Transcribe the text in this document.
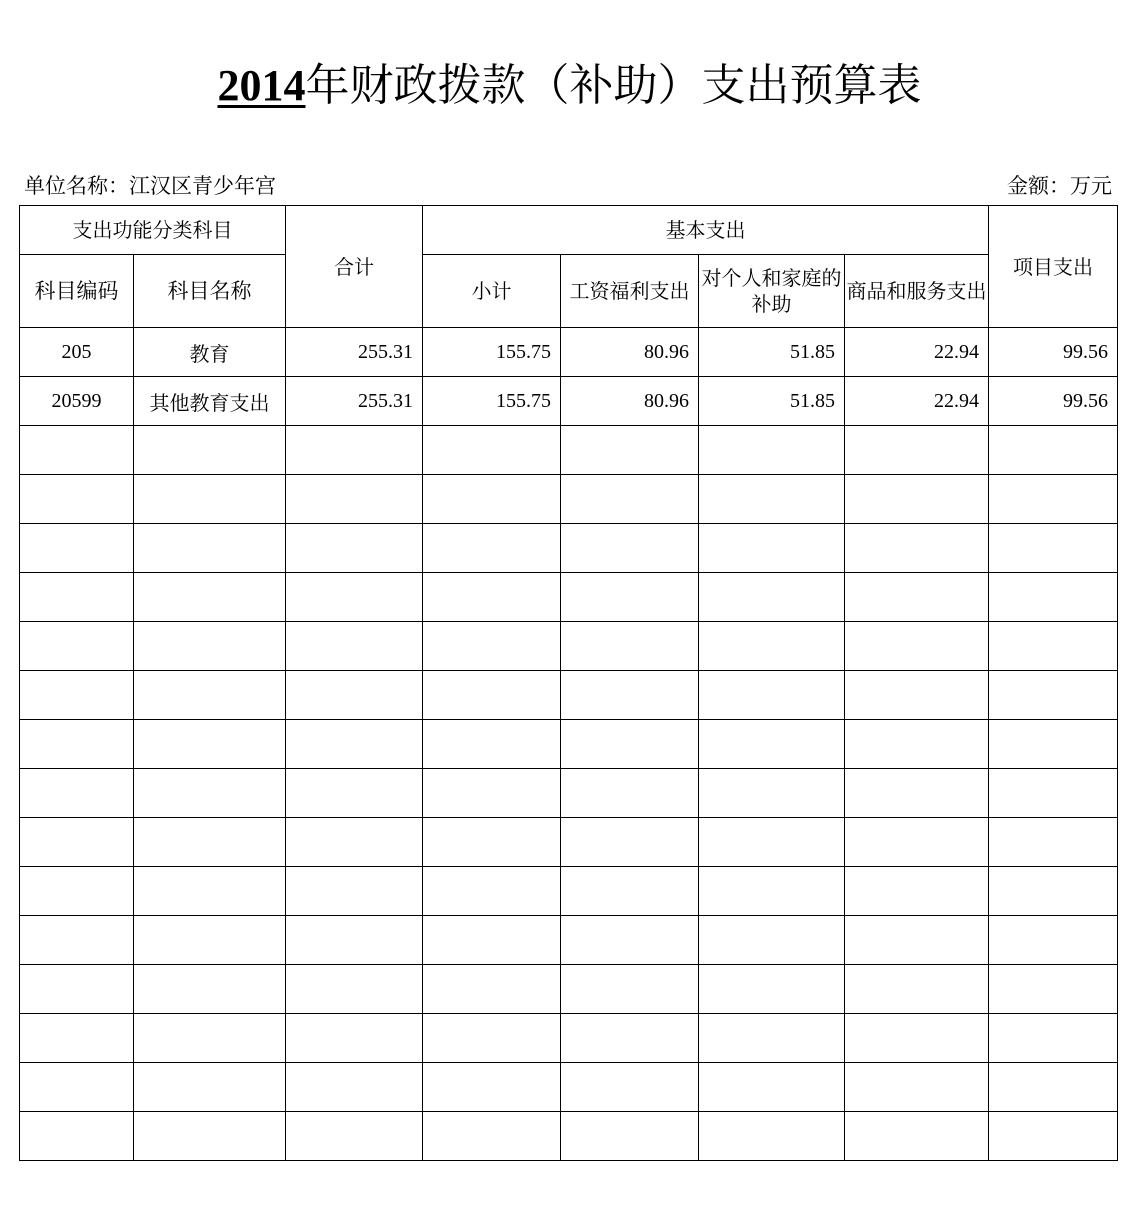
2014年财政拨款（补助）支出预算表
单位名称：江汉区青少年宫	金额：万元
支出功能分类科目		合计	基本支出				项目支出
科目编码	科目名称		小计	工资福利支出	对个人和家庭的补助	商品和服务支出	
205	教育	255.31	155.75	80.96	51.85	22.94	99.56
20599	其他教育支出	255.31	155.75	80.96	51.85	22.94	99.56
